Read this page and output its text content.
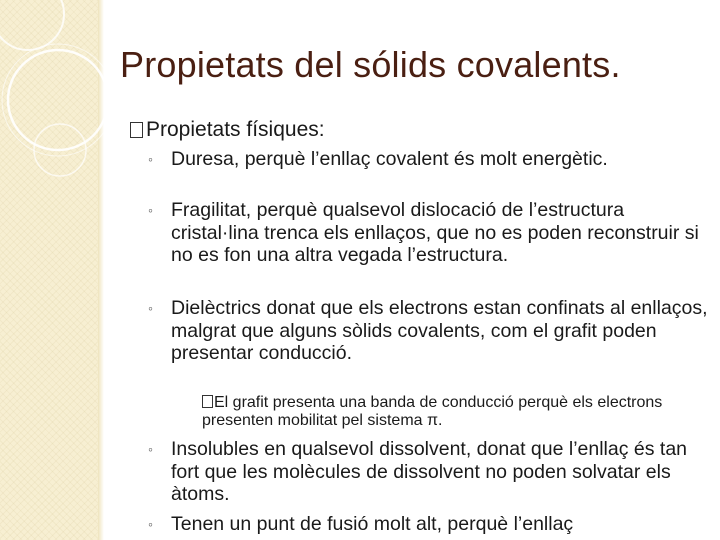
Propietats del sólids covalents.
Propietats físiques:
◦ Duresa, perquè l’enllaç covalent és molt energètic.
◦ Fragilitat, perquè qualsevol dislocació de l’estructura cristal·lina trenca els enllaços, que no es poden reconstruir si no es fon una altra vegada l’estructura.
◦ Dielèctrics donat que els electrons estan confinats al enllaços, malgrat que alguns sòlids covalents, com el grafit poden presentar conducció.
El grafit presenta una banda de conducció perquè els electrons presenten mobilitat pel sistema π.
◦ Insolubles en qualsevol dissolvent, donat que l’enllaç és tan fort que les molècules de dissolvent no poden solvatar els àtoms.
◦ Tenen un punt de fusió molt alt, perquè l’enllaç
